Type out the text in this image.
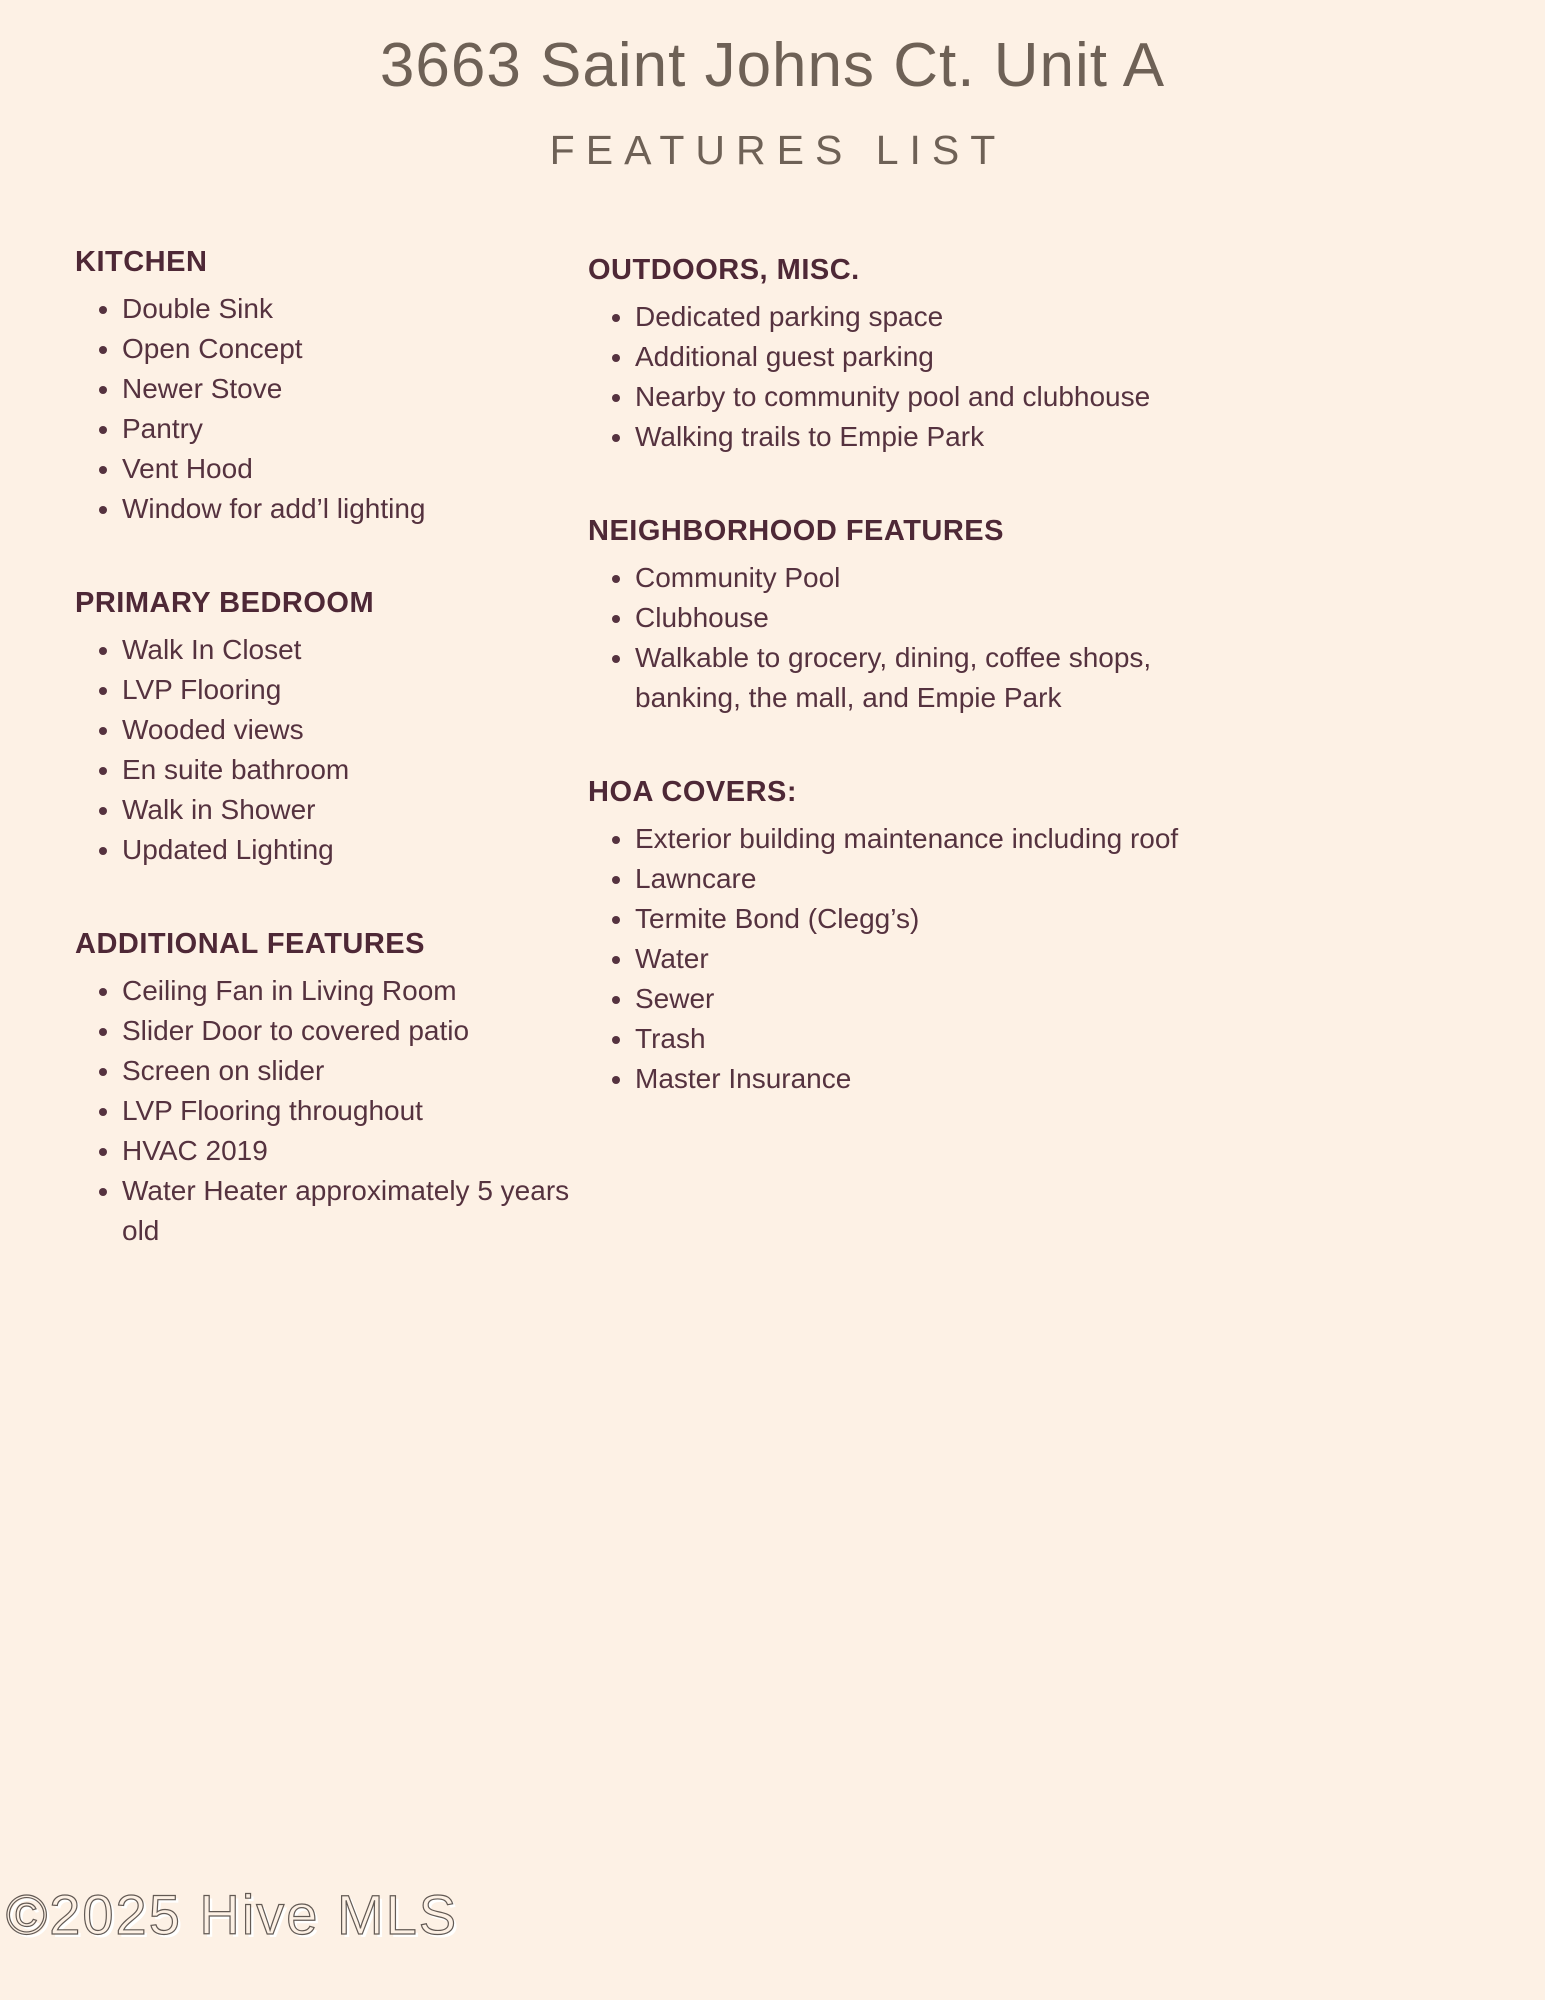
3663 Saint Johns Ct. Unit A
FEATURES LIST
KITCHEN
• Double Sink
• Open Concept
• Newer Stove
• Pantry
• Vent Hood
• Window for add’l lighting
PRIMARY BEDROOM
• Walk In Closet
• LVP Flooring
• Wooded views
• En suite bathroom
• Walk in Shower
• Updated Lighting
ADDITIONAL FEATURES
• Ceiling Fan in Living Room
• Slider Door to covered patio
• Screen on slider
• LVP Flooring throughout
• HVAC 2019
• Water Heater approximately 5 years old
OUTDOORS, MISC.
• Dedicated parking space
• Additional guest parking
• Nearby to community pool and clubhouse
• Walking trails to Empie Park
NEIGHBORHOOD FEATURES
• Community Pool
• Clubhouse
• Walkable to grocery, dining, coffee shops, banking, the mall, and Empie Park
HOA COVERS:
• Exterior building maintenance including roof
• Lawncare
• Termite Bond (Clegg’s)
• Water
• Sewer
• Trash
• Master Insurance
©2025 Hive MLS
